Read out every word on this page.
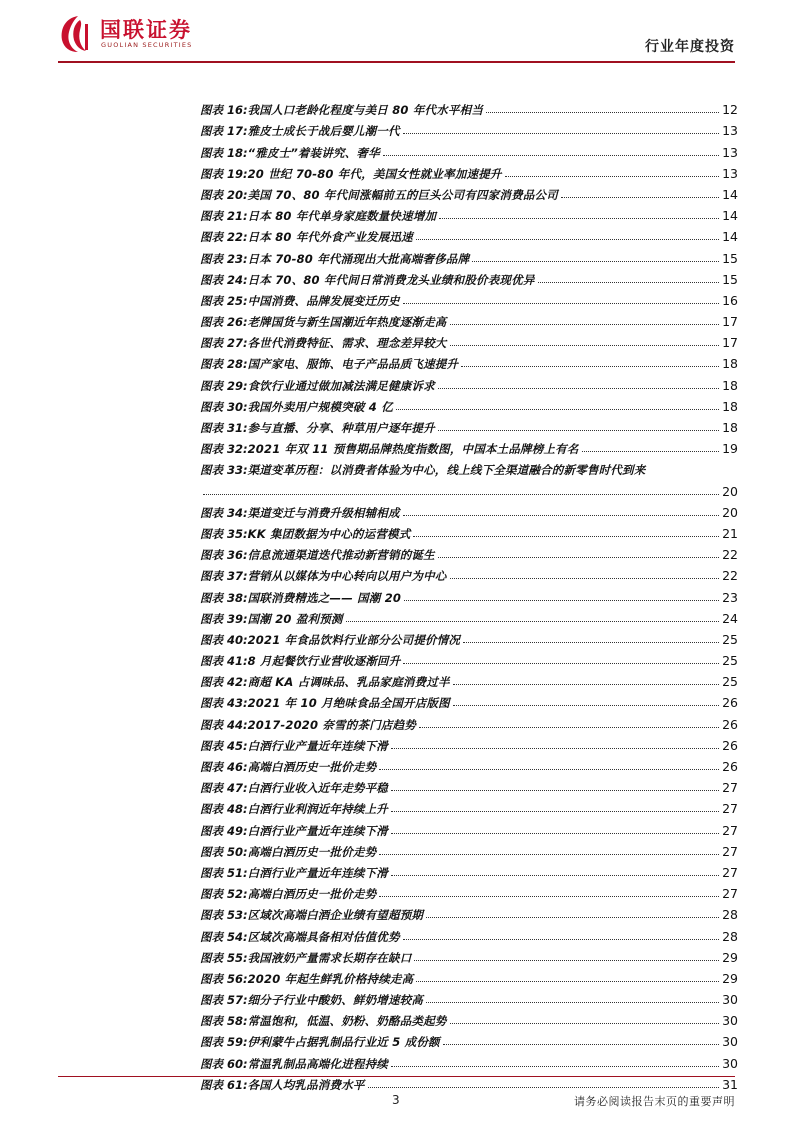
国联证券
GUOLIAN SECURITIES	行业年度投资
图表 16: 我国人口老龄化程度与美日 80 年代水平相当	12
图表 17: 雅皮士成长于战后婴儿潮一代	13
图表 18: “雅皮士”着装讲究、奢华	13
图表 19: 20 世纪 70-80 年代，美国女性就业率加速提升	13
图表 20: 美国 70、80 年代间涨幅前五的巨头公司有四家消费品公司	14
图表 21: 日本 80 年代单身家庭数量快速增加	14
图表 22: 日本 80 年代外食产业发展迅速	14
图表 23: 日本 70-80 年代涌现出大批高端奢侈品牌	15
图表 24: 日本 70、80 年代间日常消费龙头业绩和股价表现优异	15
图表 25: 中国消费、品牌发展变迁历史	16
图表 26: 老牌国货与新生国潮近年热度逐渐走高	17
图表 27: 各世代消费特征、需求、理念差异较大	17
图表 28: 国产家电、服饰、电子产品品质飞速提升	18
图表 29: 食饮行业通过做加减法满足健康诉求	18
图表 30: 我国外卖用户规模突破 4 亿	18
图表 31: 参与直播、分享、种草用户逐年提升	18
图表 32: 2021 年双 11 预售期品牌热度指数图，中国本土品牌榜上有名	19
图表 33: 渠道变革历程：以消费者体验为中心，线上线下全渠道融合的新零售时代到来
20
图表 34: 渠道变迁与消费升级相辅相成	20
图表 35: KK 集团数据为中心的运营模式	21
图表 36: 信息流通渠道迭代推动新营销的诞生	22
图表 37: 营销从以媒体为中心转向以用户为中心	22
图表 38: 国联消费精选之—— 国潮 20	23
图表 39: 国潮 20 盈利预测	24
图表 40: 2021 年食品饮料行业部分公司提价情况	25
图表 41: 8 月起餐饮行业营收逐渐回升	25
图表 42: 商超 KA 占调味品、乳品家庭消费过半	25
图表 43: 2021 年 10 月绝味食品全国开店版图	26
图表 44: 2017-2020 奈雪的茶门店趋势	26
图表 45: 白酒行业产量近年连续下滑	26
图表 46: 高端白酒历史一批价走势	26
图表 47: 白酒行业收入近年走势平稳	27
图表 48: 白酒行业利润近年持续上升	27
图表 49: 白酒行业产量近年连续下滑	27
图表 50: 高端白酒历史一批价走势	27
图表 51: 白酒行业产量近年连续下滑	27
图表 52: 高端白酒历史一批价走势	27
图表 53: 区域次高端白酒企业绩有望超预期	28
图表 54: 区域次高端具备相对估值优势	28
图表 55: 我国液奶产量需求长期存在缺口	29
图表 56: 2020 年起生鲜乳价格持续走高	29
图表 57: 细分子行业中酸奶、鲜奶增速较高	30
图表 58: 常温饱和，低温、奶粉、奶酪品类起势	30
图表 59: 伊利蒙牛占据乳制品行业近 5 成份额	30
图表 60: 常温乳制品高端化进程持续	30
图表 61: 各国人均乳品消费水平	31
3	请务必阅读报告末页的重要声明
